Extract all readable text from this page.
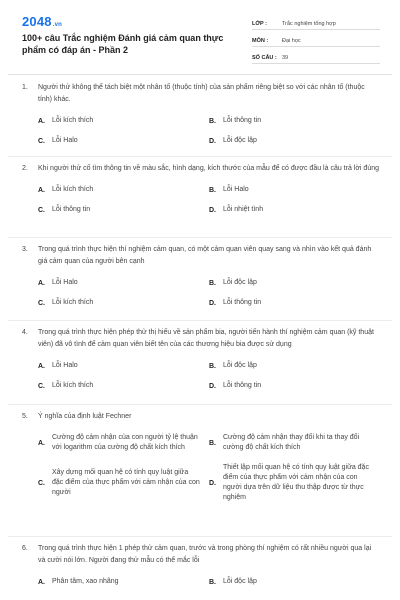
2048.vn
100+ câu Trắc nghiệm Đánh giá cảm quan thực phẩm có đáp án - Phần 2
LỚP :	Trắc nghiệm tổng hợp
MÔN :	Đại học
SỐ CÂU : 39
1.	Người thử không thể tách biệt một nhân tố (thuộc tính) của sản phẩm riêng biệt so với các nhân tố (thuộc tính) khác.
A.	Lỗi kích thích	B.	Lỗi thông tin
C.	Lỗi Halo	D.	Lỗi độc lập
2.	Khi người thử cố tìm thông tin về màu sắc, hình dạng, kích thước của mẫu để có được đầu là câu trả lời đúng
A.	Lỗi kích thích	B.	Lỗi Halo
C.	Lỗi thông tin	D.	Lỗi nhiệt tình
3.	Trong quá trình thực hiện thí nghiệm cảm quan, có một cảm quan viên quay sang và nhìn vào kết quả đánh giá cảm quan của người bên cạnh
A.	Lỗi Halo	B.	Lỗi độc lập
C.	Lỗi kích thích	D.	Lỗi thông tin
4.	Trong quá trình thực hiện phép thử thị hiếu về sản phẩm bia, người tiến hành thí nghiệm cảm quan (kỹ thuật viên) đã vô tình để cảm quan viên biết tên của các thương hiệu bia được sử dụng
A.	Lỗi Halo	B.	Lỗi độc lập
C.	Lỗi kích thích	D.	Lỗi thông tin
5.	Ý nghĩa của định luật Fechner
A.
Cường độ cảm nhận của con người tỷ lệ thuận với logarithm của cường độ chất kích thích
B.
Cường độ cảm nhận thay đổi khi ta thay đổi cường độ chất kích thích
C.
Xây dựng mối quan hệ có tính quy luật giữa đặc điểm của thực phẩm với cảm nhận của con người
D.
Thiết lập mối quan hệ có tính quy luật giữa đặc điểm của thực phẩm với cảm nhận của con người dựa trên dữ liệu thu thập được từ thực nghiệm
6.	Trong quá trình thực hiện 1 phép thử cảm quan, trước và trong phòng thí nghiệm có rất nhiều người qua lại và cười nói lớn. Người đang thử mẫu có thể mắc lỗi
A.	Phân tâm, xao nhãng	B.	Lỗi độc lập
